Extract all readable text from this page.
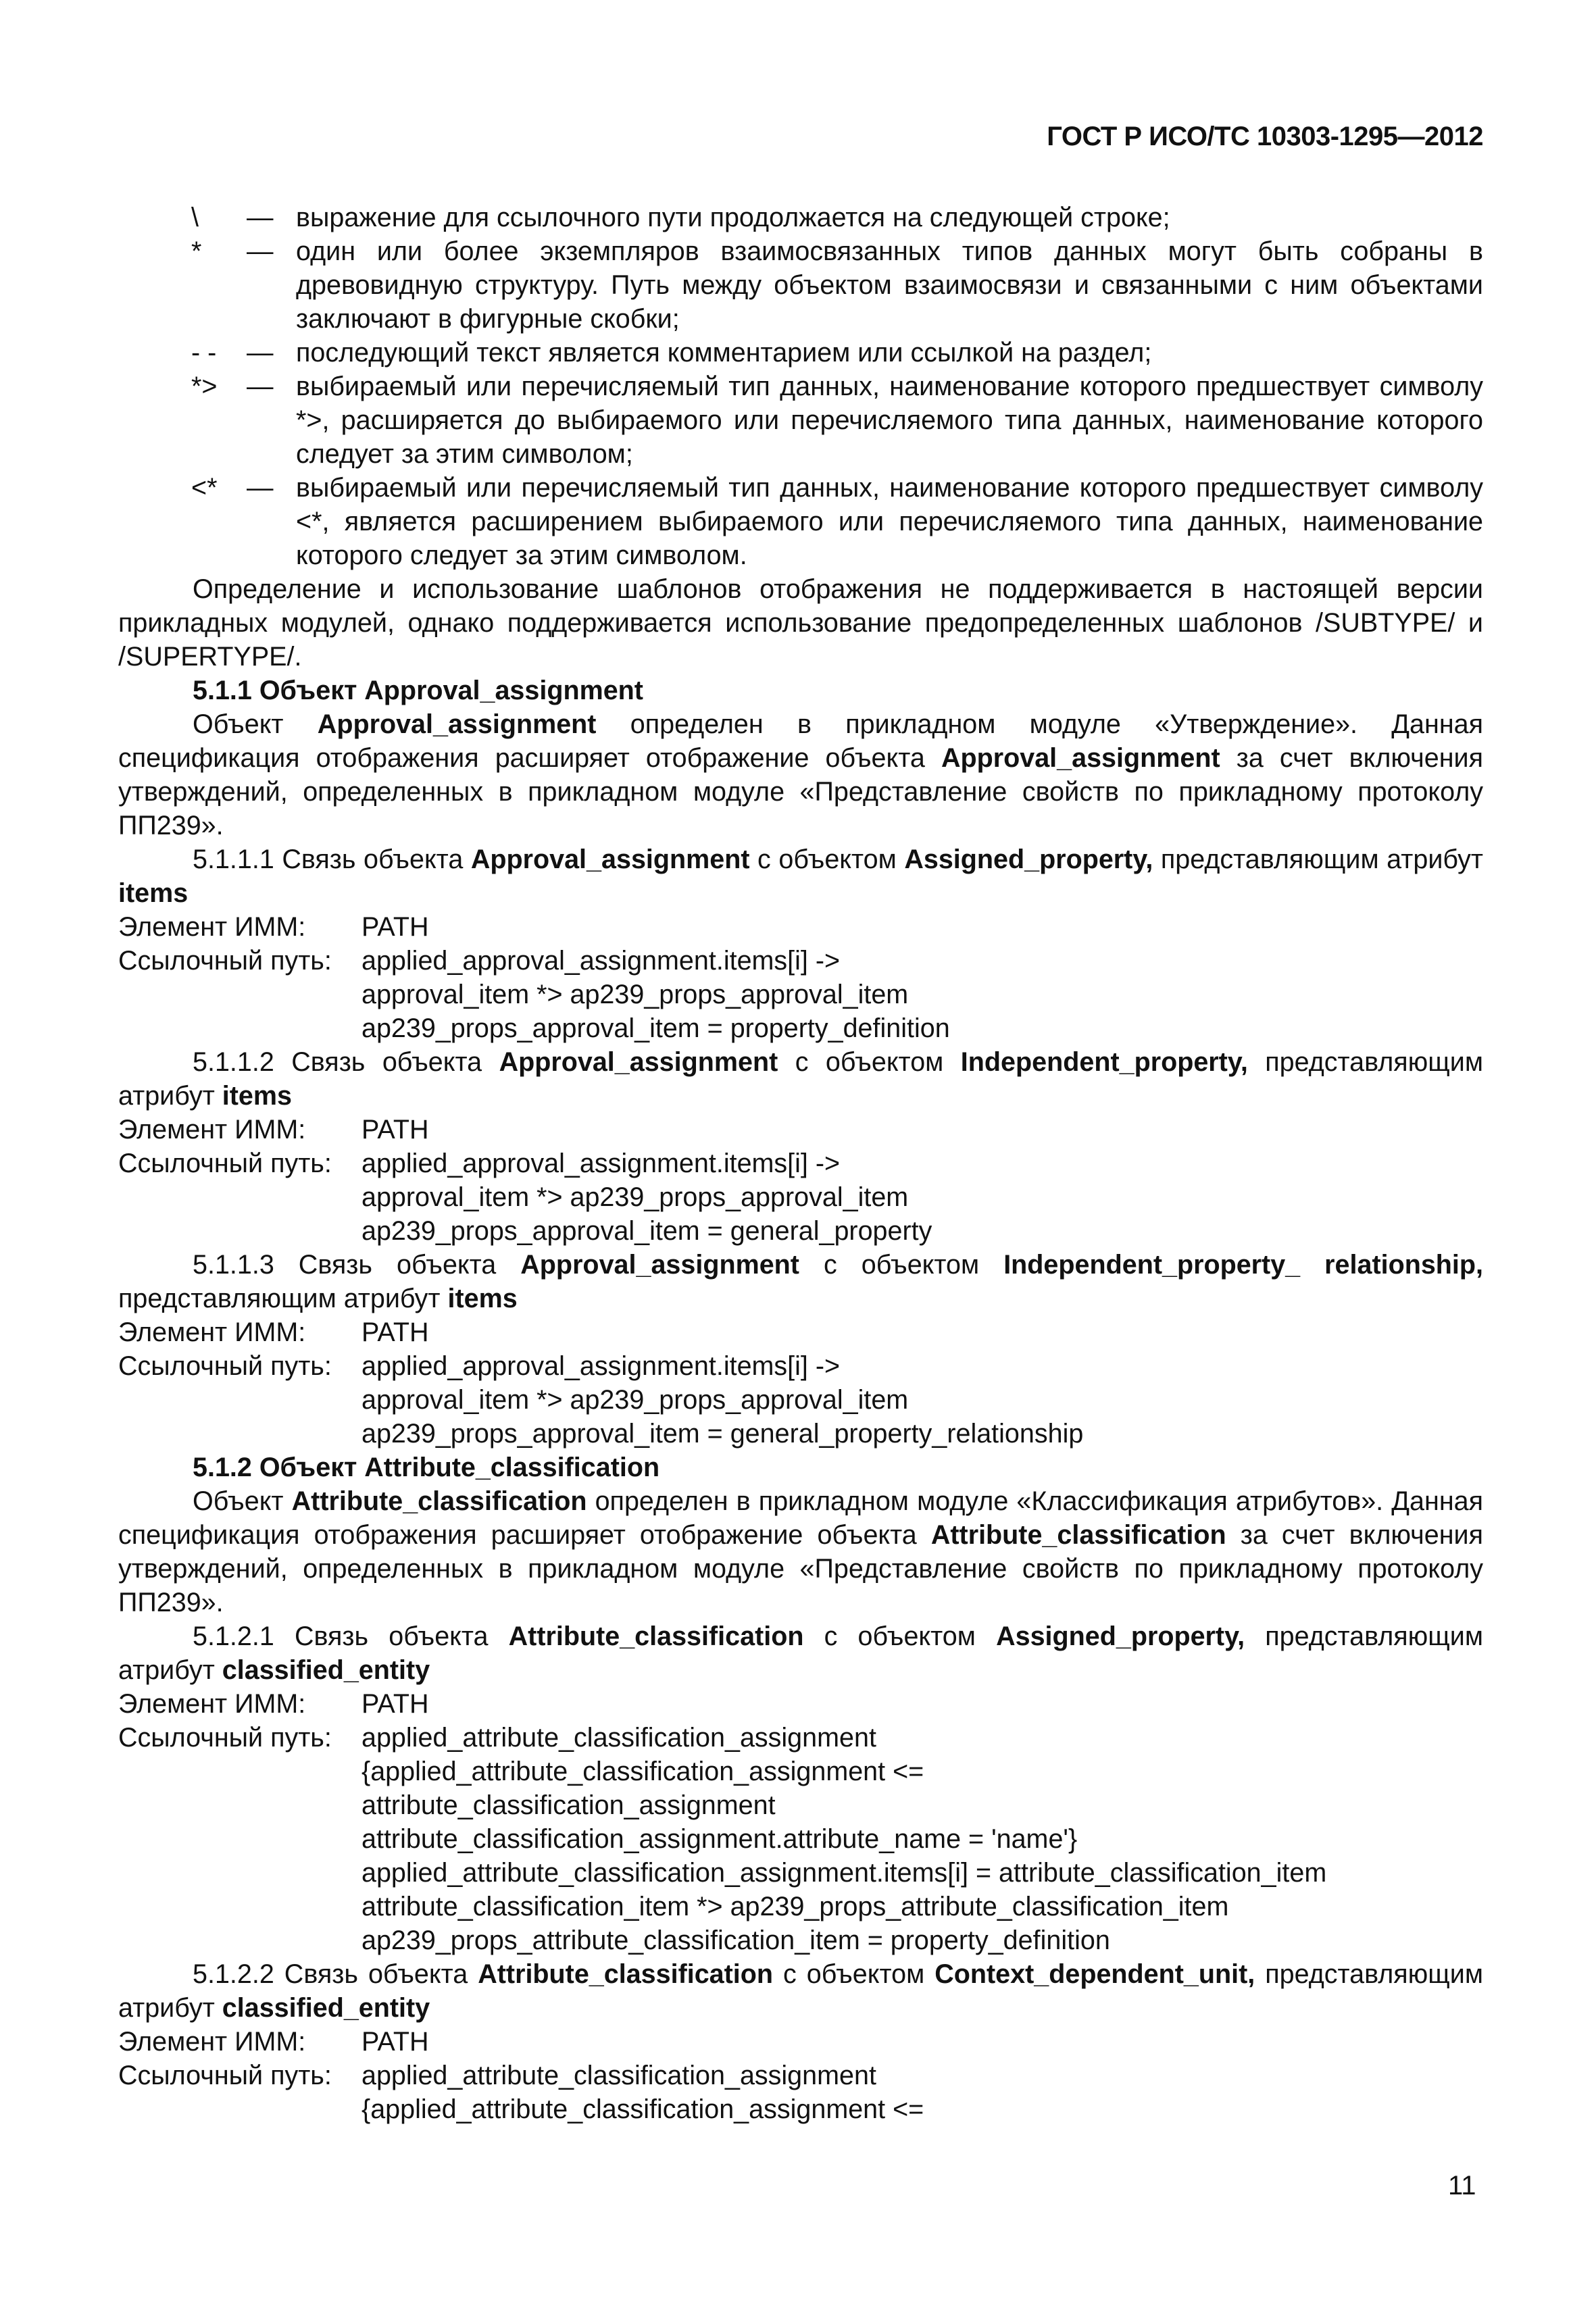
ГОСТ Р ИСО/ТС 10303-1295—2012
\	— выражение для ссылочного пути продолжается на следующей строке;
*	— один или более экземпляров взаимосвязанных типов данных могут быть собраны в древовидную структуру. Путь между объектом взаимосвязи и связанными с ним объектами заключают в фигурные скобки;
- -	— последующий текст является комментарием или ссылкой на раздел;
*>	— выбираемый или перечисляемый тип данных, наименование которого предшествует символу *>, расширяется до выбираемого или перечисляемого типа данных, наименование которого следует за этим символом;
<*	— выбираемый или перечисляемый тип данных, наименование которого предшествует символу <*, является расширением выбираемого или перечисляемого типа данных, наименование которого следует за этим символом.

Определение и использование шаблонов отображения не поддерживается в настоящей версии прикладных модулей, однако поддерживается использование предопределенных шаблонов /SUBTYPE/ и /SUPERTYPE/.

5.1.1 Объект Approval_assignment

Объект Approval_assignment определен в прикладном модуле «Утверждение». Данная спецификация отображения расширяет отображение объекта Approval_assignment за счет включения утверждений, определенных в прикладном модуле «Представление свойств по прикладному протоколу ПП239».

5.1.1.1 Связь объекта Approval_assignment с объектом Assigned_property, представляющим атрибут items

Элемент ИММ:	PATH
Ссылочный путь:	applied_approval_assignment.items[i] ->
approval_item *> ap239_props_approval_item
ap239_props_approval_item = property_definition

5.1.1.2 Связь объекта Approval_assignment с объектом Independent_property, представляющим атрибут items

Элемент ИММ:	PATH
Ссылочный путь:	applied_approval_assignment.items[i] ->
approval_item *> ap239_props_approval_item
ap239_props_approval_item = general_property

5.1.1.3 Связь объекта Approval_assignment с объектом Independent_property_ relationship, представляющим атрибут items

Элемент ИММ:	PATH
Ссылочный путь:	applied_approval_assignment.items[i] ->
approval_item *> ap239_props_approval_item
ap239_props_approval_item = general_property_relationship
5.1.2 Объект Attribute_classification

Объект Attribute_classification определен в прикладном модуле «Классификация атрибутов». Данная спецификация отображения расширяет отображение объекта Attribute_classification за счет включения утверждений, определенных в прикладном модуле «Представление свойств по прикладному протоколу ПП239».

5.1.2.1 Связь объекта Attribute_classification с объектом Assigned_property, представляющим атрибут classified_entity

Элемент ИММ:	PATH
Ссылочный путь:	applied_attribute_classification_assignment
{applied_attribute_classification_assignment <=
attribute_classification_assignment
attribute_classification_assignment.attribute_name = 'name'}
applied_attribute_classification_assignment.items[i] = attribute_classification_item
attribute_classification_item *> ap239_props_attribute_classification_item
ap239_props_attribute_classification_item = property_definition

5.1.2.2 Связь объекта Attribute_classification с объектом Context_dependent_unit, представляющим атрибут classified_entity

Элемент ИММ:	PATH
Ссылочный путь:	applied_attribute_classification_assignment
{applied_attribute_classification_assignment <=
11
